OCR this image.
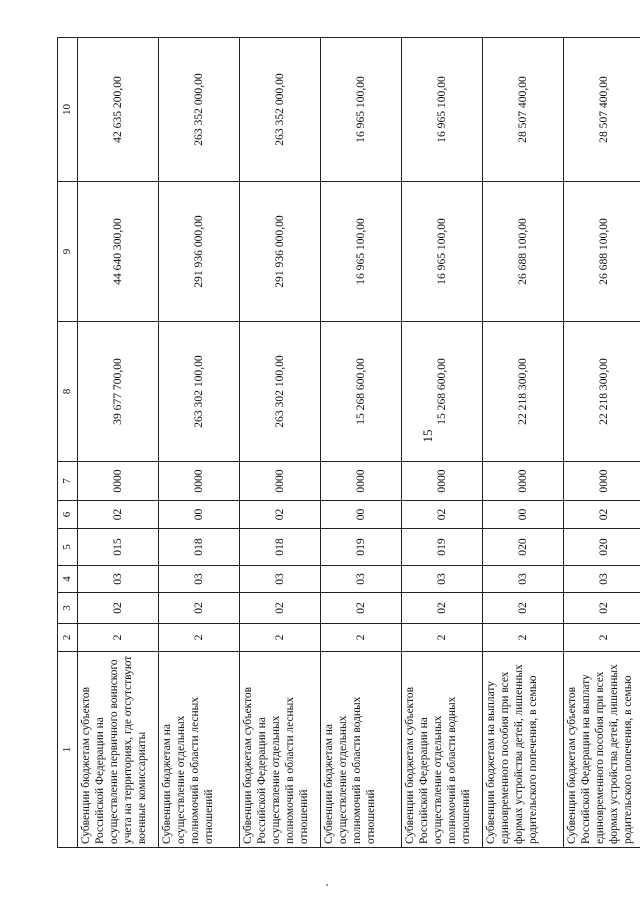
15
1	2	3	4	5	6	7	8	9	10
Субвенции бюджетам субъектов Российской Федерации на осуществление первичного воинского учета на территориях, где отсутствуют военные комиссариаты	2	02	03	015	02	0000	39 677 700,00	44 640 300,00	42 635 200,00
Субвенции бюджетам на осуществление отдельных полномочий в области лесных отношений	2	02	03	018	00	0000	263 302 100,00	291 936 000,00	263 352 000,00
Субвенции бюджетам субъектов Российской Федерации на осуществление отдельных полномочий в области лесных отношений	2	02	03	018	02	0000	263 302 100,00	291 936 000,00	263 352 000,00
Субвенции бюджетам на осуществление отдельных полномочий в области водных отношений	2	02	03	019	00	0000	15 268 600,00	16 965 100,00	16 965 100,00
Субвенции бюджетам субъектов Российской Федерации на осуществление отдельных полномочий в области водных отношений	2	02	03	019	02	0000	15 268 600,00	16 965 100,00	16 965 100,00
Субвенции бюджетам на выплату единовременного пособия при всех формах устройства детей, лишенных родительского попечения, в семью	2	02	03	020	00	0000	22 218 300,00	26 688 100,00	28 507 400,00
Субвенции бюджетам субъектов Российской Федерации на выплату единовременного пособия при всех формах устройства детей, лишенных родительского попечения, в семью	2	02	03	020	02	0000	22 218 300,00	26 688 100,00	28 507 400,00
